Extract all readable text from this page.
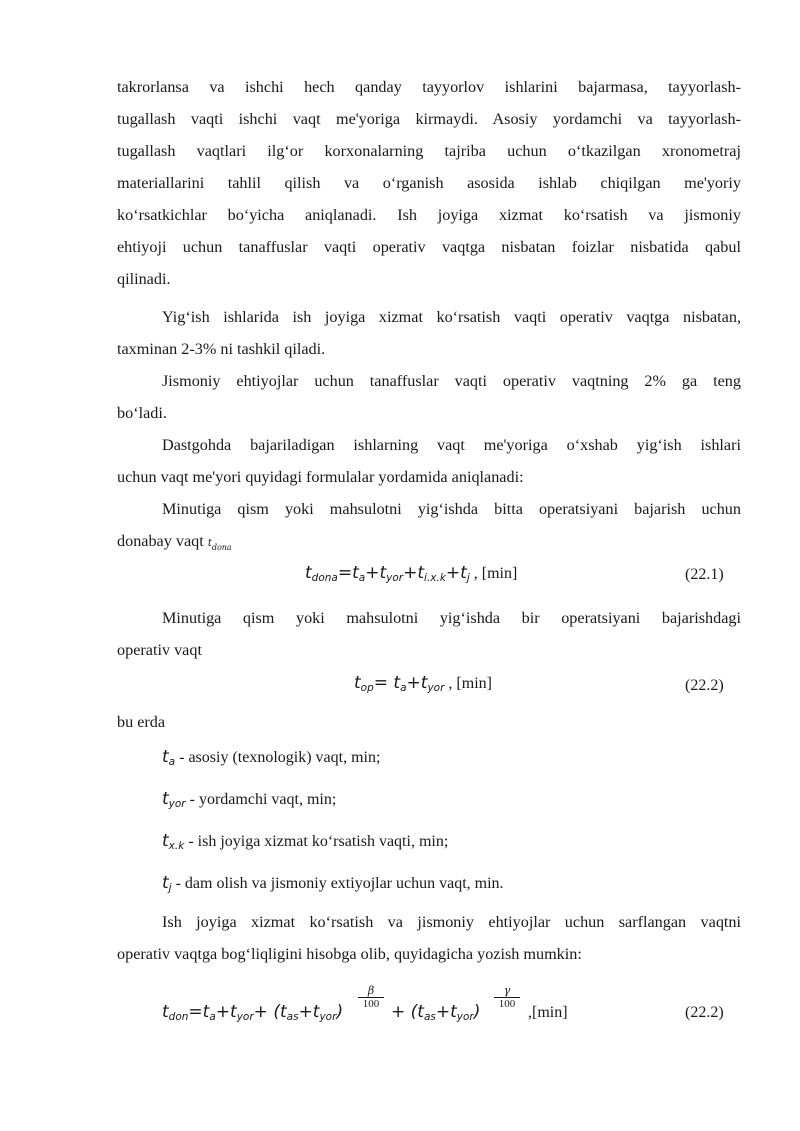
takrorlansa va ishchi hech qanday tayyorlov ishlarini bajarmasa, tayyorlash-
tugallash vaqti ishchi vaqt me'yoriga kirmaydi. Asosiy yordamchi va tayyorlash-
tugallash vaqtlari ilg‘or korxonalarning tajriba uchun o‘tkazilgan xronometraj
materiallarini tahlil qilish va o‘rganish asosida ishlab chiqilgan me'yoriy
ko‘rsatkichlar bo‘yicha aniqlanadi. Ish joyiga xizmat ko‘rsatish va jismoniy
ehtiyoji uchun tanaffuslar vaqti operativ vaqtga nisbatan foizlar nisbatida qabul
qilinadi.
Yig‘ish ishlarida ish joyiga xizmat ko‘rsatish vaqti operativ vaqtga nisbatan,
taxminan 2-3% ni tashkil qiladi.
Jismoniy ehtiyojlar uchun tanaffuslar vaqti operativ vaqtning 2% ga teng
bo‘ladi.
Dastgohda bajariladigan ishlarning vaqt me'yoriga o‘xshab yig‘ish ishlari
uchun vaqt me'yori quyidagi formulalar yordamida aniqlanadi:
Minutiga qism yoki mahsulotni yig‘ishda bitta operatsiyani bajarish uchun
donabay vaqt $t_{dona}$
$t_{dona}=t_a+t_{yor}+t_{i.x.k}+t_j$ , [min]	(22.1)
Minutiga qism yoki mahsulotni yig‘ishda bir operatsiyani bajarishdagi
operativ vaqt
$t_{op}= t_a+t_{yor}$ , [min]	(22.2)
bu erda
$t_a$ - asosiy (texnologik) vaqt, min;
$t_{yor}$ - yordamchi vaqt, min;
$t_{x.k}$ - ish joyiga xizmat ko‘rsatish vaqti, min;
$t_j$ - dam olish va jismoniy extiyojlar uchun vaqt, min.
Ish joyiga xizmat ko‘rsatish va jismoniy ehtiyojlar uchun sarflangan vaqtni
operativ vaqtga bog‘liqligini hisobga olib, quyidagicha yozish mumkin:
$t_{don}=t_a+t_{yor}+ (t_{as}+t_{yor})$
β
$100 + (t_{as}+t_{yor})$
γ
100 ,[min]	(22.2)
